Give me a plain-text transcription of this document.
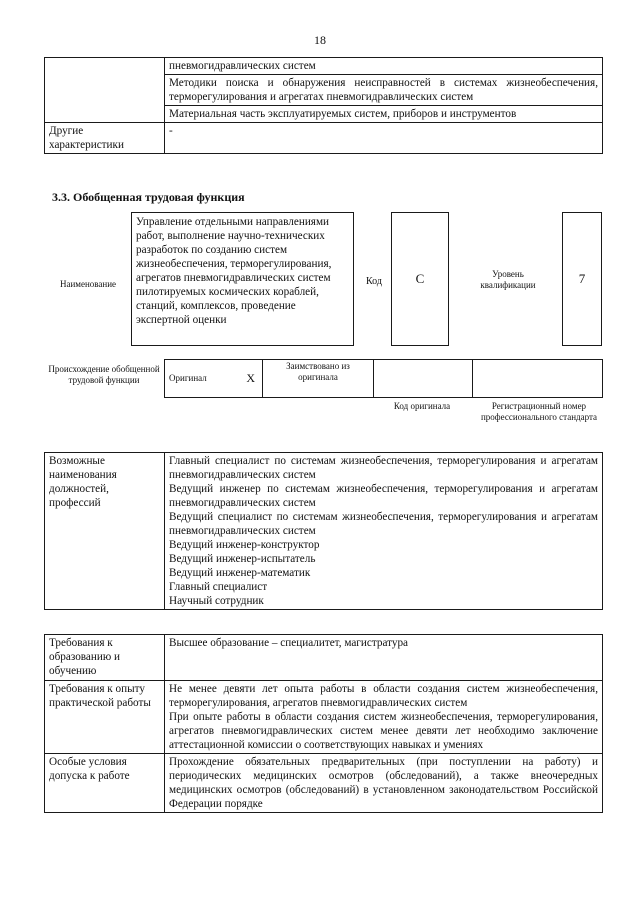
18
	пневмогидравлических систем
	Методики поиска и обнаружения неисправностей в системах жизнеобеспечения, терморегулирования и агрегатах пневмогидравлических систем
	Материальная часть эксплуатируемых систем, приборов и инструментов
Другие характеристики	-
3.3. Обобщенная трудовая функция
Наименование
Управление отдельными направлениями работ, выполнение научно-технических разработок по созданию систем жизнеобеспечения, терморегулирования, агрегатов пневмогидравлических систем пилотируемых космических кораблей, станций, комплексов, проведение экспертной оценки
Код	C	Уровень квалификации	7
Происхождение обобщенной трудовой функции	Оригинал	X	Заимствовано из оригинала		
Код оригинала	Регистрационный номер профессионального стандарта
Возможные наименования должностей, профессий	
Главный специалист по системам жизнеобеспечения, терморегулирования и агрегатам пневмогидравлических систем
Ведущий инженер по системам жизнеобеспечения, терморегулирования и агрегатам пневмогидравлических систем
Ведущий специалист по системам жизнеобеспечения, терморегулирования и агрегатам пневмогидравлических систем
Ведущий инженер-конструктор
Ведущий инженер-испытатель
Ведущий инженер-математик
Главный специалист
Научный сотрудник
Требования к образованию и обучению	Высшее образование – специалитет, магистратура
Требования к опыту практической работы	Не менее девяти лет опыта работы в области создания систем жизнеобеспечения, терморегулирования, агрегатов пневмогидравлических систем
При опыте работы в области создания систем жизнеобеспечения, терморегулирования, агрегатов пневмогидравлических систем менее девяти лет необходимо заключение аттестационной комиссии о соответствующих навыках и умениях

Особые условия допуска к работе	Прохождение обязательных предварительных (при поступлении на работу) и периодических медицинских осмотров (обследований), а также внеочередных медицинских осмотров (обследований) в установленном законодательством Российской Федерации порядке
